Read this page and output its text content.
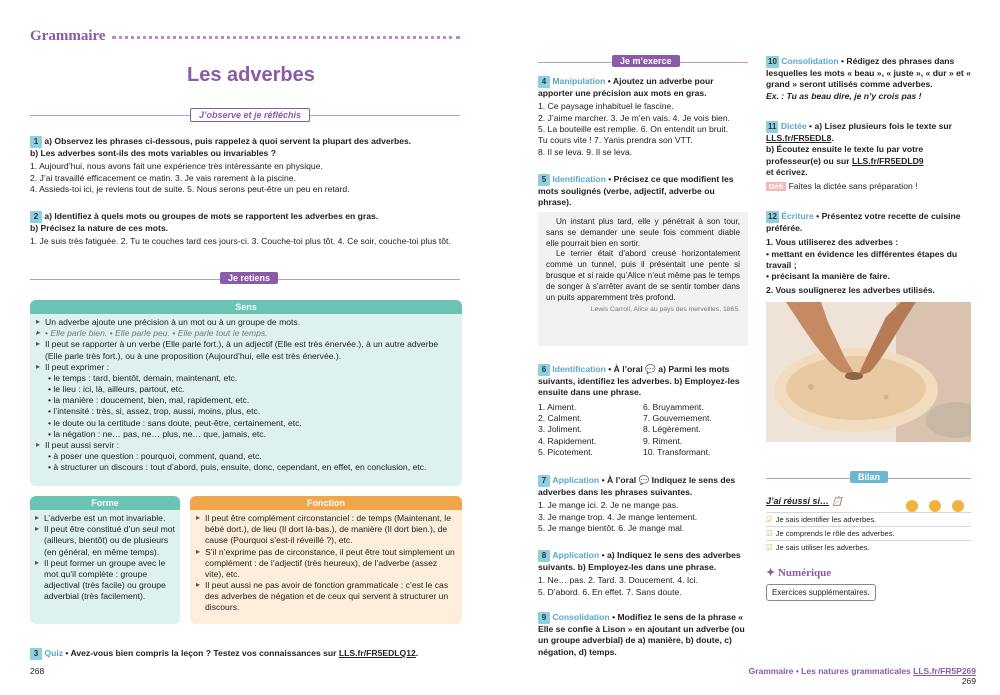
Grammaire
Les adverbes
J’observe et je réfléchis

1 a) Observez les phrases ci-dessous, puis rappelez à quoi servent la plupart des adverbes.

b) Les adverbes sont-ils des mots variables ou invariables ?

1. Aujourd’hui, nous avons fait une expérience très intéressante en physique.

2. J’ai travaillé efficacement ce matin. 3. Je vais rarement à la piscine.

4. Assieds-toi ici, je reviens tout de suite. 5. Nous serons peut-être un peu en retard.

2 a) Identifiez à quels mots ou groupes de mots se rapportent les adverbes en gras.

b) Précisez la nature de ces mots.

1. Je suis très fatiguée. 2. Tu te couches tard ces jours-ci. 3. Couche-toi plus tôt. 4. Ce soir, couche-toi plus tôt.

Je retiens
Sens
▸ Un adverbe ajoute une précision à un mot ou à un groupe de mots.
▸ • Elle parle bien. • Elle parle peu. • Elle parle tout le temps.
▸ Il peut se rapporter à un verbe (Elle parle fort.), à un adjectif (Elle est très énervée.), à un autre adverbe (Elle parle très fort.), ou à une proposition (Aujourd’hui, elle est très énervée.).
▸ Il peut exprimer :
• le temps : tard, bientôt, demain, maintenant, etc.
• le lieu : ici, là, ailleurs, partout, etc.
• la manière : doucement, bien, mal, rapidement, etc.
• l’intensité : très, si, assez, trop, aussi, moins, plus, etc.
• le doute ou la certitude : sans doute, peut-être, certainement, etc.
• la négation : ne… pas, ne… plus, ne… que, jamais, etc.
▸ Il peut aussi servir :
• à poser une question : pourquoi, comment, quand, etc.
• à structurer un discours : tout d’abord, puis, ensuite, donc, cependant, en effet, en conclusion, etc.
Forme
▸ L’adverbe est un mot invariable.
▸ Il peut être constitué d’un seul mot (ailleurs, bientôt) ou de plusieurs (en général, en même temps).
▸ Il peut former un groupe avec le mot qu’il complète : groupe adjectival (très facile) ou groupe adverbial (très facilement).
Fonction
▸ Il peut être complément circonstanciel : de temps (Maintenant, le bébé dort.), de lieu (Il dort là-bas.), de manière (Il dort bien.), de cause (Pourquoi s’est-il réveillé ?), etc.
▸ S’il n’exprime pas de circonstance, il peut être tout simplement un complément : de l’adjectif (très heureux), de l’adverbe (assez vite), etc.
▸ Il peut aussi ne pas avoir de fonction grammaticale : c’est le cas des adverbes de négation et de ceux qui servent à structurer un discours.

3 Quiz • Avez-vous bien compris la leçon ? Testez vos connaissances sur LLS.fr/FR5EDLQ12.

268
Je m’exerce

4 Manipulation • Ajoutez un adverbe pour apporter une précision aux mots en gras.

1. Ce paysage inhabituel le fascine.

2. J’aime marcher. 3. Je m’en vais. 4. Je vois bien.

5. La bouteille est remplie. 6. On entendit un bruit.

Tu cours vite ! 7. Yanis prendra son VTT.

8. Il se leva. 9. Il se leva.

5 Identification • Précisez ce que modifient les mots soulignés (verbe, adjectif, adverbe ou phrase).

Un instant plus tard, elle y pénétrait à son tour, sans se demander une seule fois comment diable elle pourrait bien en sortir.

Le terrier était d’abord creusé horizontalement comme un tunnel, puis il présentait une pente si brusque et si raide qu’Alice n’eut même pas le temps de songer à s’arrêter avant de se sentir tomber dans un puits apparemment très profond.

Lewis Carroll, Alice au pays des merveilles, 1865.

6 Identification • À l’oral 💬 a) Parmi les mots suivants, identifiez les adverbes. b) Employez-les ensuite dans une phrase.

1. Aiment.	6. Bruyamment.
2. Calment.	7. Gouvernement.
3. Joliment.	8. Légèrement.
4. Rapidement.	9. Riment.
5. Picotement.	10. Transformant.

7 Application • À l’oral 💬 Indiquez le sens des adverbes dans les phrases suivantes.

1. Je mange ici. 2. Je ne mange pas.

3. Je mange trop. 4. Je mange lentement.

5. Je mange bientôt. 6. Je mange mal.

8 Application • a) Indiquez le sens des adverbes suivants. b) Employez-les dans une phrase.

1. Ne… pas. 2. Tard. 3. Doucement. 4. Ici.

5. D’abord. 6. En effet. 7. Sans doute.

9 Consolidation • Modifiez le sens de la phrase « Elle se confie à Lison » en ajoutant un adverbe (ou un groupe adverbial) de a) manière, b) doute, c) négation, d) temps.

10 Consolidation • Rédigez des phrases dans lesquelles les mots « beau », « juste », « dur » et « grand » seront utilisés comme adverbes.

Ex. : Tu as beau dire, je n’y crois pas !

11 Dictée • a) Lisez plusieurs fois le texte sur LLS.fr/FR5EDL8.

b) Écoutez ensuite le texte lu par votre professeur(e) ou sur LLS.fr/FR5EDLD9

et écrivez.

Défi Faites la dictée sans préparation !

12 Écriture • Présentez votre recette de cuisine préférée.

1. Vous utiliserez des adverbes :

• mettant en évidence les différentes étapes du travail ;

• précisant la manière de faire.

2. Vous soulignerez les adverbes utilisés.

Bilan
J’ai réussi si… 📋
☑ Je sais identifier les adverbes.
☑ Je comprends le rôle des adverbes.
☑ Je sais utiliser les adverbes.
✦ Numérique
Exercices supplémentaires.
Grammaire • Les natures grammaticales LLS.fr/FR5P269 269
